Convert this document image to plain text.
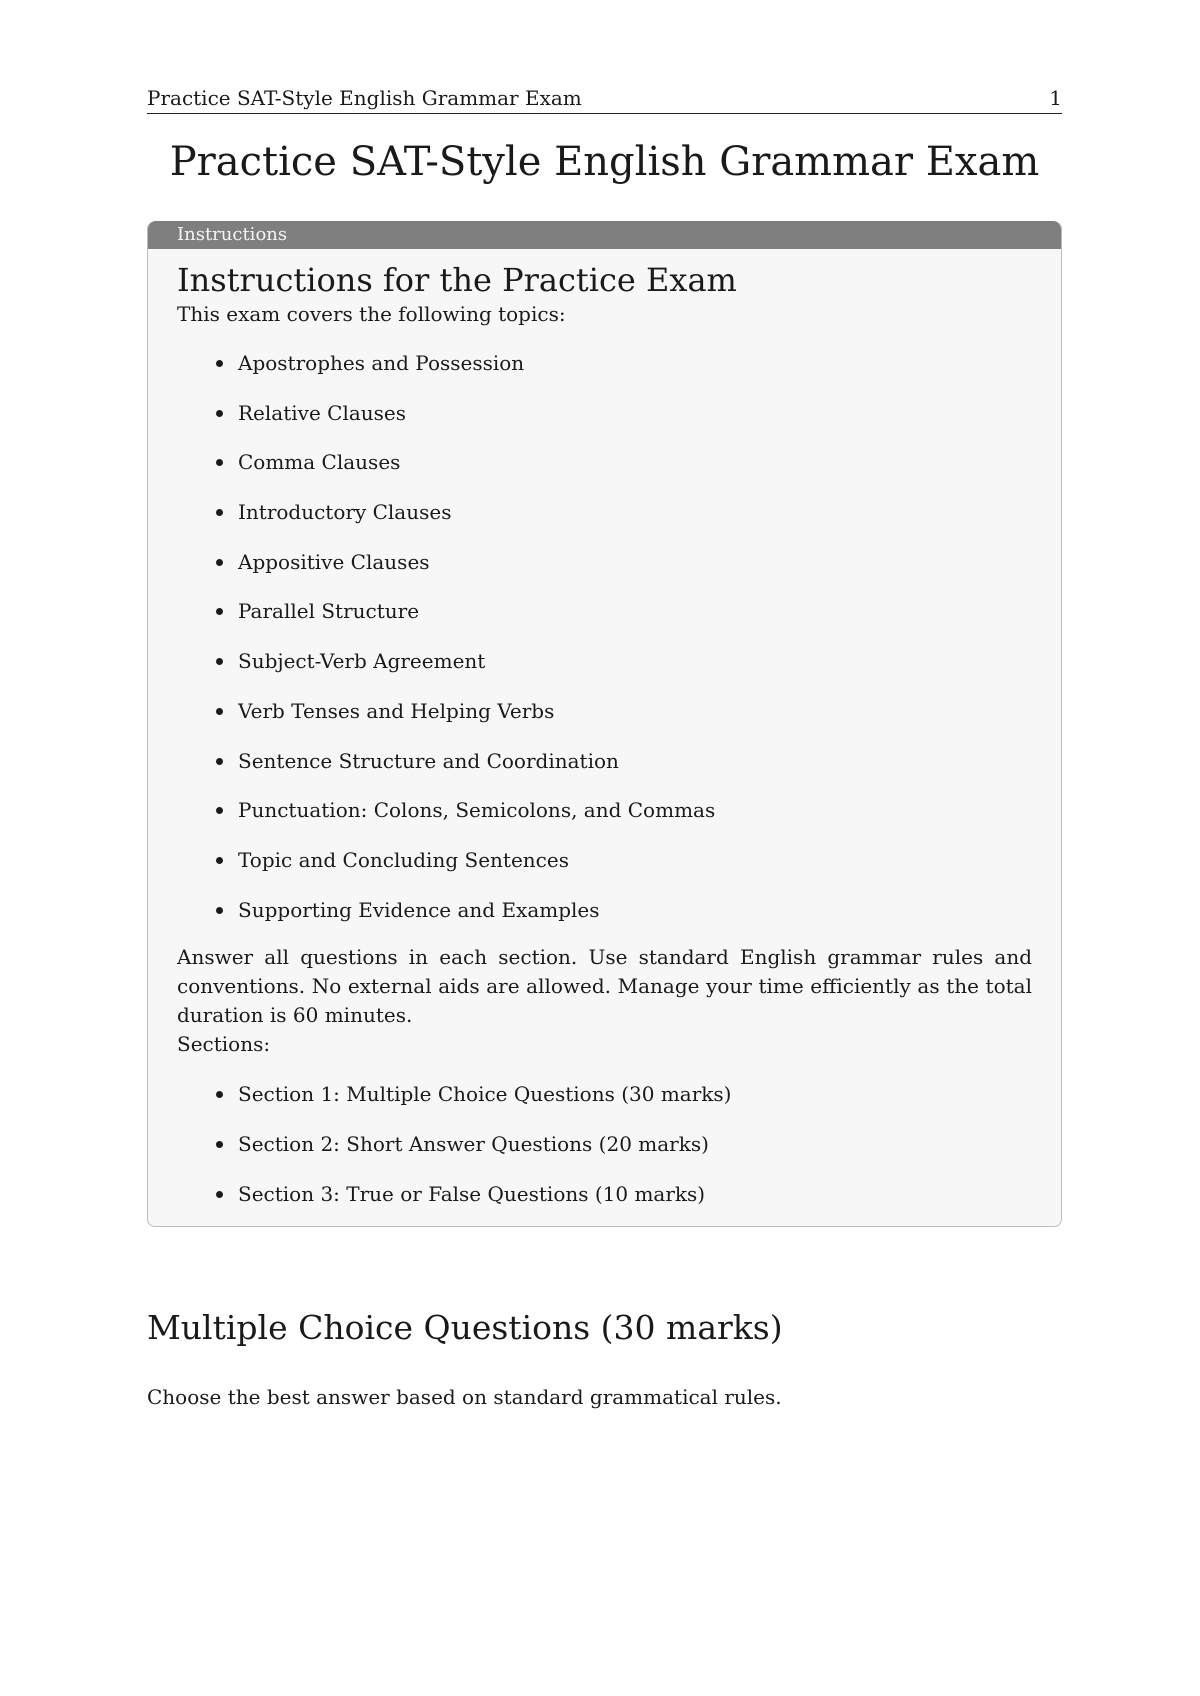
Practice SAT-Style English Grammar Exam	1
Practice SAT-Style English Grammar Exam
Instructions
Instructions for the Practice Exam

This exam covers the following topics:

Apostrophes and Possession
Relative Clauses
Comma Clauses
Introductory Clauses
Appositive Clauses
Parallel Structure
Subject-Verb Agreement
Verb Tenses and Helping Verbs
Sentence Structure and Coordination
Punctuation: Colons, Semicolons, and Commas
Topic and Concluding Sentences
Supporting Evidence and Examples

Answer all questions in each section. Use standard English grammar rules and conventions. No external aids are allowed. Manage your time efficiently as the total duration is 60 minutes.

Sections:

Section 1: Multiple Choice Questions (30 marks)
Section 2: Short Answer Questions (20 marks)
Section 3: True or False Questions (10 marks)
Multiple Choice Questions (30 marks)

Choose the best answer based on standard grammatical rules.
